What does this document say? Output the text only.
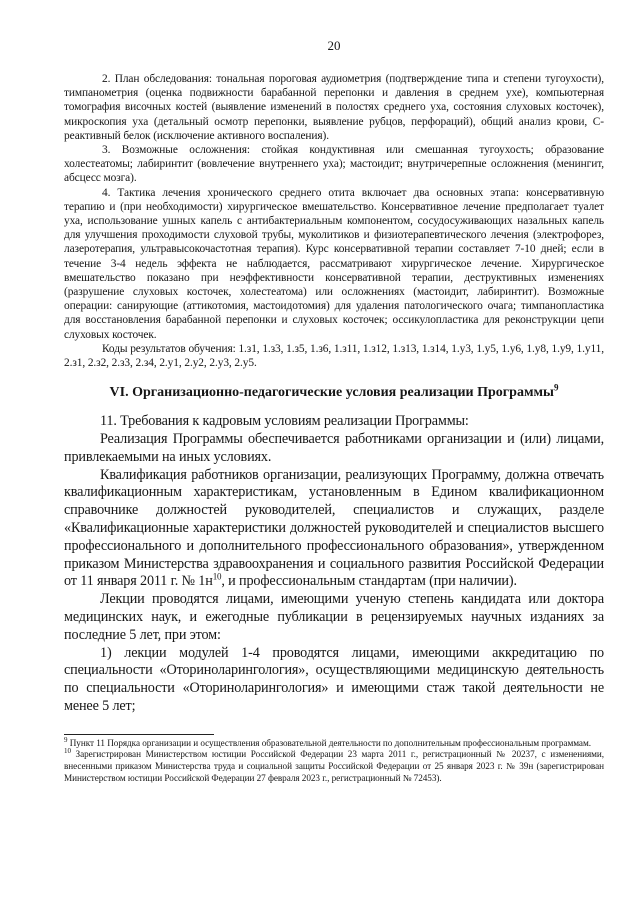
20

2. План обследования: тональная пороговая аудиометрия (подтверждение типа и степени тугоухости), тимпанометрия (оценка подвижности барабанной перепонки и давления в среднем ухе), компьютерная томография височных костей (выявление изменений в полостях среднего уха, состояния слуховых косточек), микроскопия уха (детальный осмотр перепонки, выявление рубцов, перфораций), общий анализ крови, С-реактивный белок (исключение активного воспаления).

3. Возможные осложнения: стойкая кондуктивная или смешанная тугоухость; образование холестеатомы; лабиринтит (вовлечение внутреннего уха); мастоидит; внутричерепные осложнения (менингит, абсцесс мозга).

4. Тактика лечения хронического среднего отита включает два основных этапа: консервативную терапию и (при необходимости) хирургическое вмешательство. Консервативное лечение предполагает туалет уха, использование ушных капель с антибактериальным компонентом, сосудосуживающих назальных капель для улучшения проходимости слуховой трубы, муколитиков и физиотерапевтического лечения (электрофорез, лазеротерапия, ультравысокочастотная терапия). Курс консервативной терапии составляет 7-10 дней; если в течение 3-4 недель эффекта не наблюдается, рассматривают хирургическое лечение. Хирургическое вмешательство показано при неэффективности консервативной терапии, деструктивных изменениях (разрушение слуховых косточек, холестеатома) или осложнениях (мастоидит, лабиринтит). Возможные операции: санирующие (аттикотомия, мастоидотомия) для удаления патологического очага; тимпанопластика для восстановления барабанной перепонки и слуховых косточек; оссикулопластика для реконструкции цепи слуховых косточек.

Коды результатов обучения: 1.з1, 1.з3, 1.з5, 1.з6, 1.з11, 1.з12, 1.з13, 1.з14, 1.у3, 1.у5, 1.у6, 1.у8, 1.у9, 1.у11, 2.з1, 2.з2, 2.з3, 2.з4, 2.у1, 2.у2, 2.у3, 2.у5.

VI. Организационно-педагогические условия реализации Программы$^9$

11. Требования к кадровым условиям реализации Программы:

Реализация Программы обеспечивается работниками организации и (или) лицами, привлекаемыми на иных условиях.

Квалификация работников организации, реализующих Программу, должна отвечать квалификационным характеристикам, установленным в Едином квалификационном справочнике должностей руководителей, специалистов и служащих, разделе «Квалификационные характеристики должностей руководителей и специалистов высшего профессионального и дополнительного профессионального образования», утвержденном приказом Министерства здравоохранения и социального развития Российской Федерации от 11 января 2011 г. № $1н^{10}$, и профессиональным стандартам (при наличии).

Лекции проводятся лицами, имеющими ученую степень кандидата или доктора медицинских наук, и ежегодные публикации в рецензируемых научных изданиях за последние 5 лет, при этом:

1) лекции модулей 1-4 проводятся лицами, имеющими аккредитацию по специальности «Оториноларингология», осуществляющими медицинскую деятельность по специальности «Оториноларингология» и имеющими стаж такой деятельности не менее 5 лет;

$^9$ Пункт 11 Порядка организации и осуществления образовательной деятельности по дополнительным профессиональным программам.

$^{10}$ Зарегистрирован Министерством юстиции Российской Федерации 23 марта 2011 г., регистрационный № 20237, с изменениями, внесенными приказом Министерства труда и социальной защиты Российской Федерации от 25 января 2023 г. № 39н (зарегистрирован Министерством юстиции Российской Федерации 27 февраля 2023 г., регистрационный № 72453).
